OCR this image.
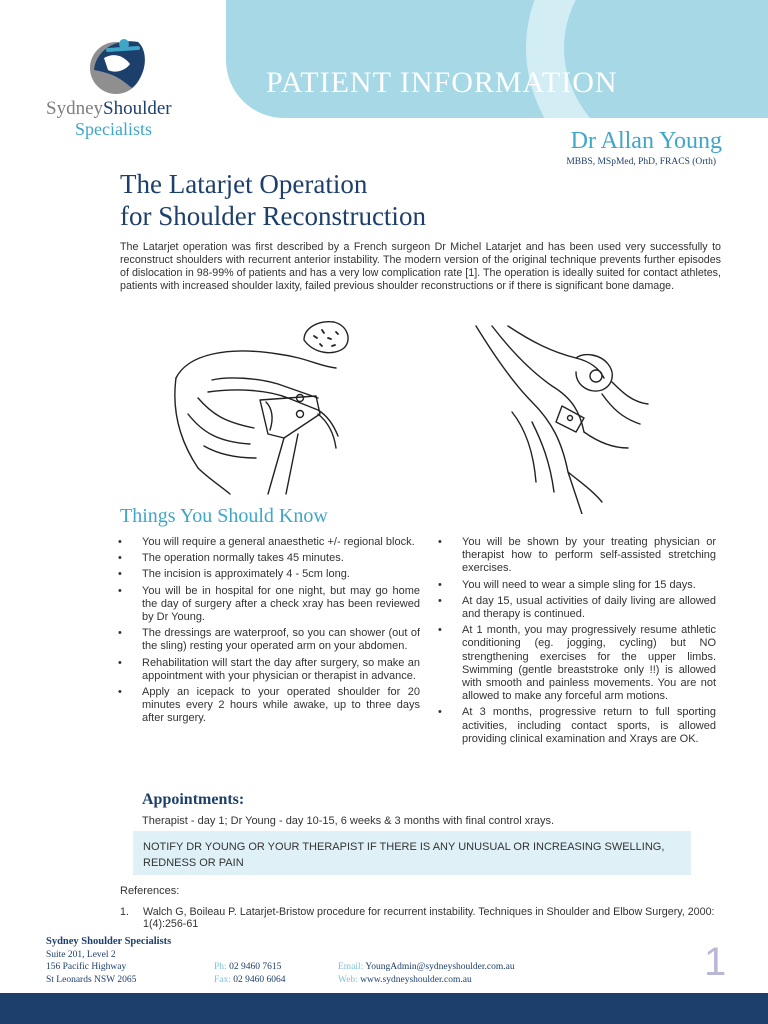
PATIENT INFORMATION
SydneyShoulder
Specialists	Dr Allan Young
MBBS, MSpMed, PhD, FRACS (Orth)
The Latarjet Operation
for Shoulder Reconstruction
The Latarjet operation was first described by a French surgeon Dr Michel Latarjet and has been used very successfully to reconstruct shoulders with recurrent anterior instability. The modern version of the original technique prevents further episodes of dislocation in 98-99% of patients and has a very low complication rate [1]. The operation is ideally suited for contact athletes, patients with increased shoulder laxity, failed previous shoulder reconstructions or if there is significant bone damage.
Things You Should Know
• You will require a general anaesthetic +/- regional block.
• The operation normally takes 45 minutes.
• The incision is approximately 4 - 5cm long.
• You will be in hospital for one night, but may go home the day of surgery after a check xray has been reviewed by Dr Young.
• The dressings are waterproof, so you can shower (out of the sling) resting your operated arm on your abdomen.
• Rehabilitation will start the day after surgery, so make an appointment with your physician or therapist in advance.
• Apply an icepack to your operated shoulder for 20 minutes every 2 hours while awake, up to three days after surgery.
• You will be shown by your treating physician or therapist how to perform self-assisted stretching exercises.
• You will need to wear a simple sling for 15 days.
• At day 15, usual activities of daily living are allowed and therapy is continued.
• At 1 month, you may progressively resume athletic conditioning (eg. jogging, cycling) but NO strengthening exercises for the upper limbs. Swimming (gentle breaststroke only !!) is allowed with smooth and painless movements. You are not allowed to make any forceful arm motions.
• At 3 months, progressive return to full sporting activities, including contact sports, is allowed providing clinical examination and Xrays are OK.
Appointments:
Therapist - day 1; Dr Young - day 10-15, 6 weeks & 3 months with final control xrays.
NOTIFY DR YOUNG OR YOUR THERAPIST IF THERE IS ANY UNUSUAL OR INCREASING SWELLING, REDNESS OR PAIN
References:
1.	Walch G, Boileau P. Latarjet-Bristow procedure for recurrent instability. Techniques in Shoulder and Elbow Surgery, 2000: 1(4):256-61
Sydney Shoulder Specialists
Suite 201, Level 2
156 Pacific Highway
St Leonards NSW 2065
Ph: 02 9460 7615
Fax: 02 9460 6064
Email: YoungAdmin@sydneyshoulder.com.au
Web: www.sydneyshoulder.com.au	1
